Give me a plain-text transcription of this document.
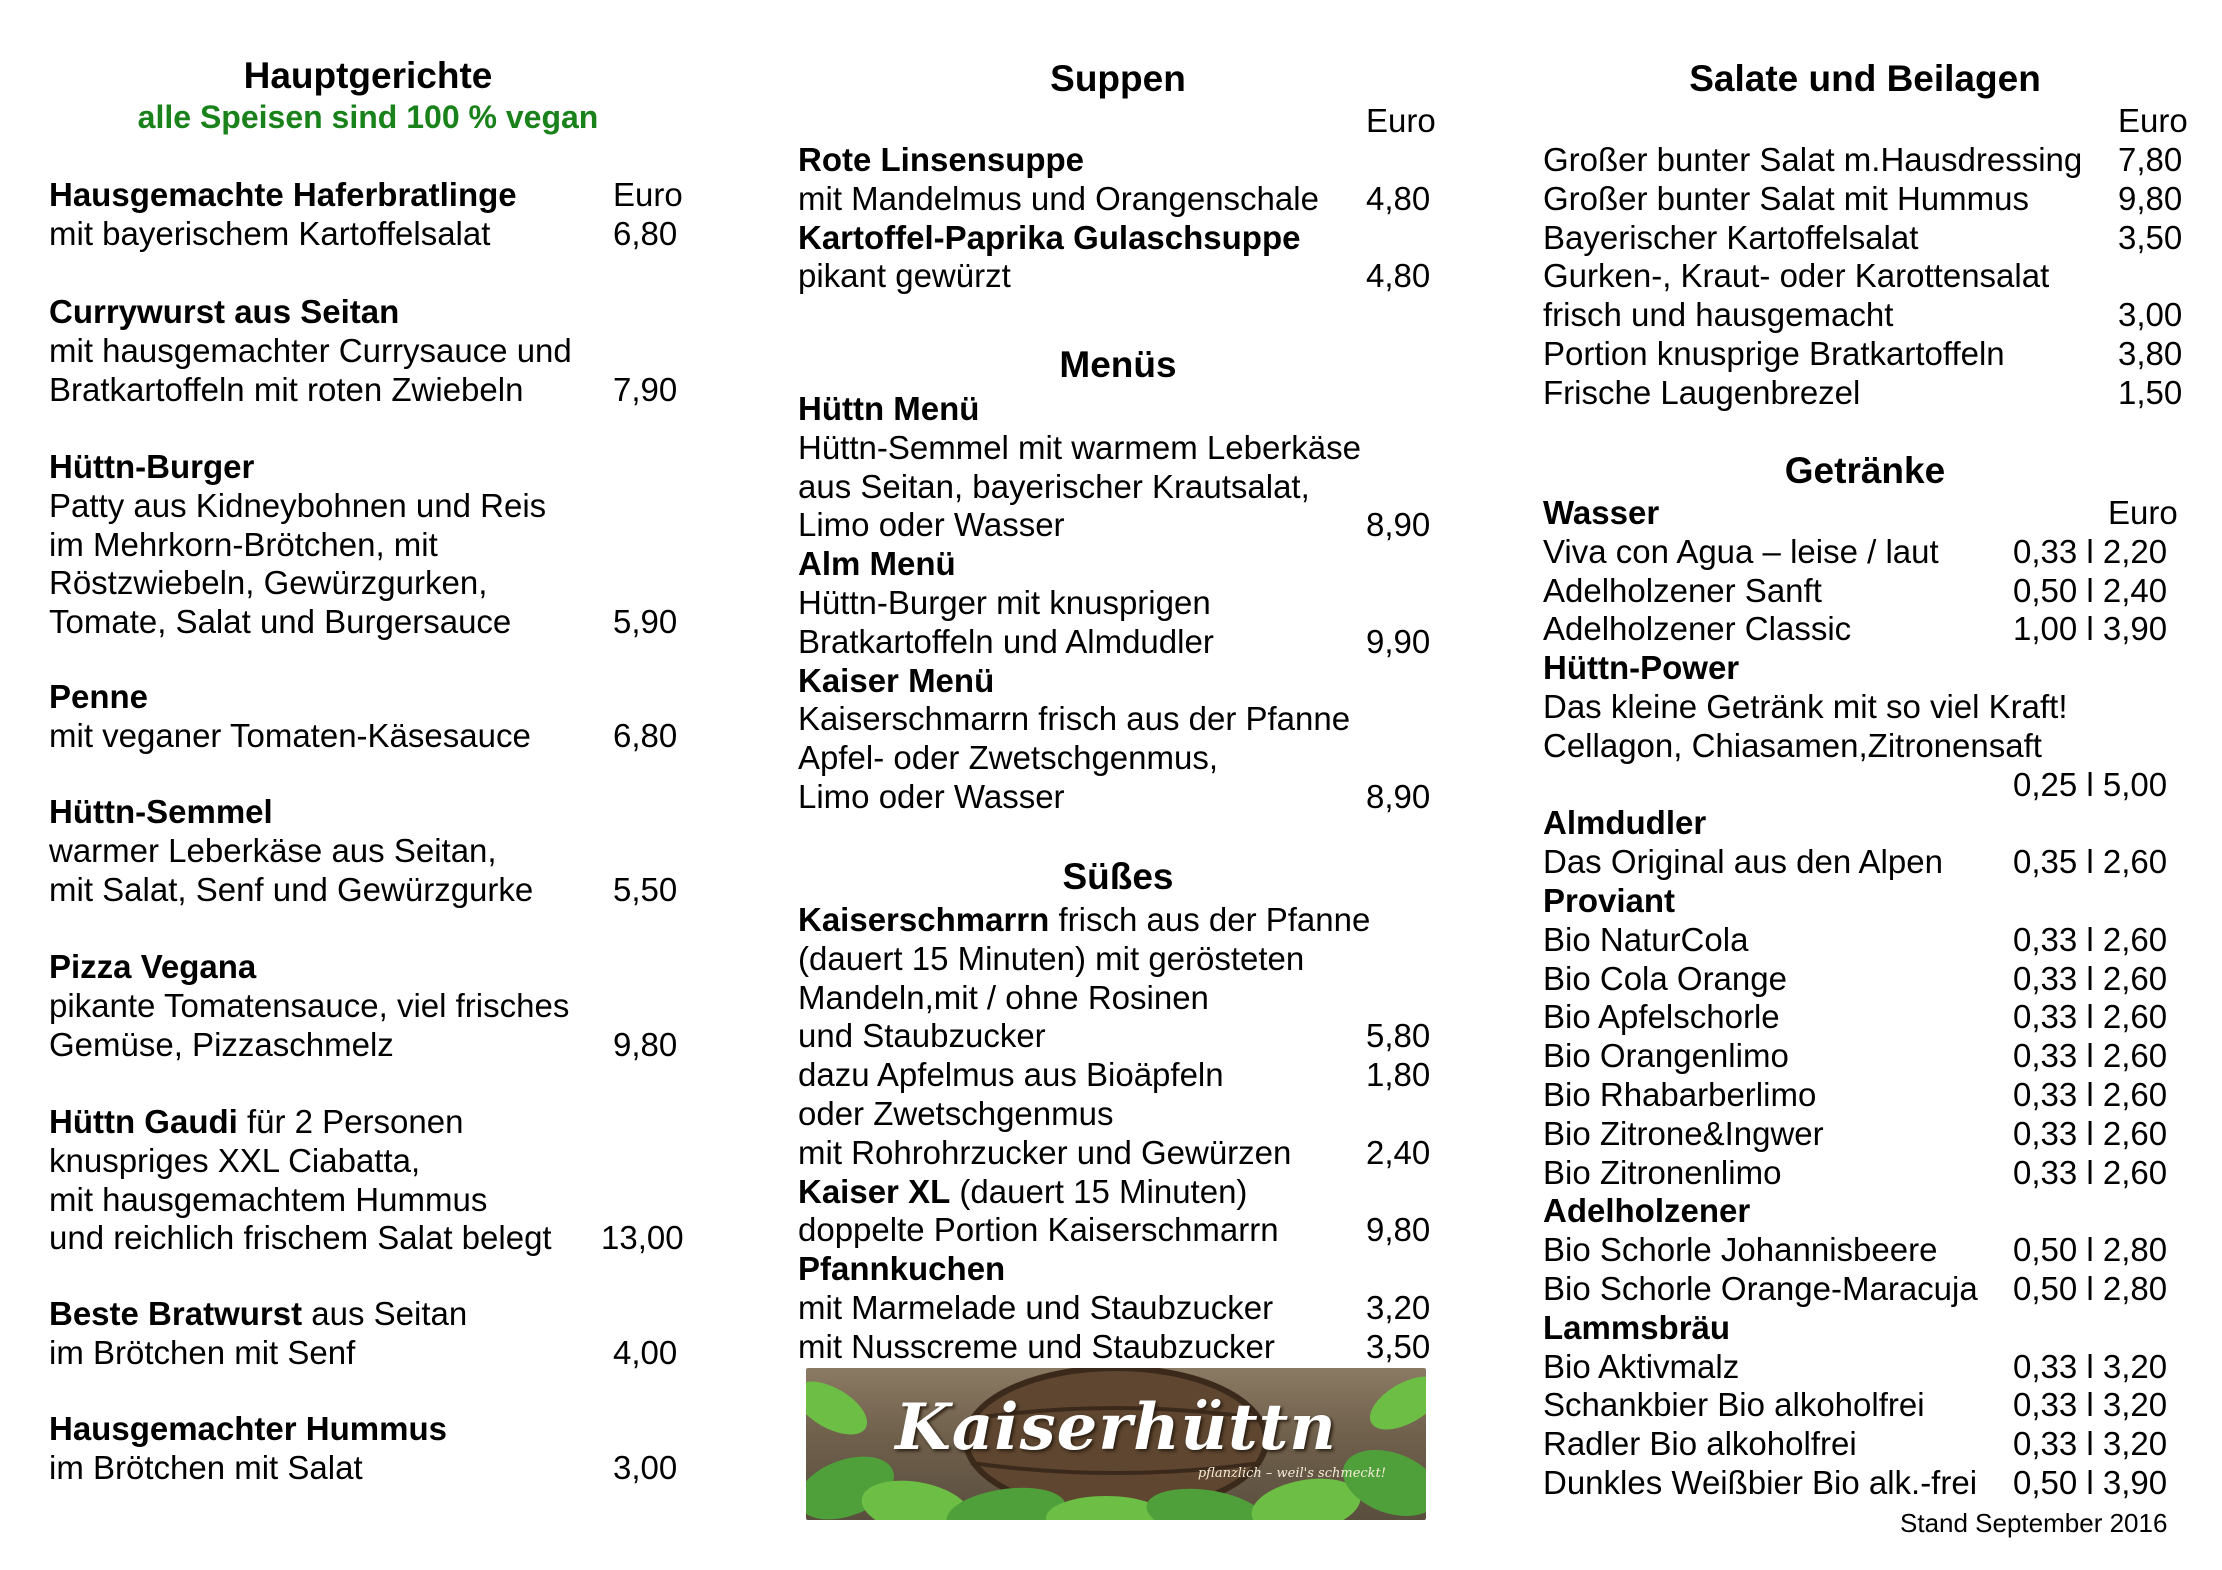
Hauptgerichte
alle Speisen sind 100 % vegan
Euro
Hausgemachte Haferbratlinge
mit bayerischem Kartoffelsalat	6,80
Currywurst aus Seitan
mit hausgemachter Currysauce und
Bratkartoffeln mit roten Zwiebeln	7,90
Hüttn-Burger
Patty aus Kidneybohnen und Reis
im Mehrkorn-Brötchen, mit
Röstzwiebeln, Gewürzgurken,
Tomate, Salat und Burgersauce	5,90
Penne
mit veganer Tomaten-Käsesauce 6,80
Hüttn-Semmel
warmer Leberkäse aus Seitan,
mit Salat, Senf und Gewürzgurke 5,50
Pizza Vegana
pikante Tomatensauce, viel frisches
Gemüse, Pizzaschmelz	9,80
Hüttn Gaudi für 2 Personen
knuspriges XXL Ciabatta,
mit hausgemachtem Hummus
und reichlich frischem Salat belegt 13,00
Beste Bratwurst aus Seitan
im Brötchen mit Senf	4,00
Hausgemachter Hummus
im Brötchen mit Salat	3,00
Suppen
Euro
Rote Linsensuppe
mit Mandelmus und Orangenschale 4,80
Kartoffel-Paprika Gulaschsuppe
pikant gewürzt	4,80
Menüs
Hüttn Menü
Hüttn-Semmel mit warmem Leberkäse
aus Seitan, bayerischer Krautsalat,
Limo oder Wasser	8,90
Alm Menü
Hüttn-Burger mit knusprigen
Bratkartoffeln und Almdudler	9,90
Kaiser Menü
Kaiserschmarrn frisch aus der Pfanne
Apfel- oder Zwetschgenmus,
Limo oder Wasser	8,90
Süßes
Kaiserschmarrn frisch aus der Pfanne
(dauert 15 Minuten) mit gerösteten
Mandeln,mit / ohne Rosinen
und Staubzucker	5,80
dazu Apfelmus aus Bioäpfeln	1,80
oder Zwetschgenmus
mit Rohrohrzucker und Gewürzen 2,40
Kaiser XL (dauert 15 Minuten)
doppelte Portion Kaiserschmarrn	9,80
Pfannkuchen
mit Marmelade und Staubzucker	3,20
mit Nusscreme und Staubzucker	3,50
Salate und Beilagen
Euro
Großer bunter Salat m.Hausdressing 7,80
Großer bunter Salat mit Hummus	9,80
Bayerischer Kartoffelsalat	3,50
Gurken-, Kraut- oder Karottensalat
frisch und hausgemacht	3,00
Portion knusprige Bratkartoffeln	3,80
Frische Laugenbrezel	1,50
Getränke
Euro
Wasser
Viva con Agua – leise / laut 0,33 l 2,20
Adelholzener Sanft	0,50 l 2,40
Adelholzener Classic	1,00 l 3,90
Hüttn-Power
Das kleine Getränk mit so viel Kraft!
Cellagon, Chiasamen,Zitronensaft
0,25 l 5,00
Almdudler
Das Original aus den Alpen 0,35 l 2,60
Proviant
Bio NaturCola	0,33 l 2,60
Bio Cola Orange	0,33 l 2,60
Bio Apfelschorle	0,33 l 2,60
Bio Orangenlimo	0,33 l 2,60
Bio Rhabarberlimo	0,33 l 2,60
Bio Zitrone&Ingwer	0,33 l 2,60
Bio Zitronenlimo	0,33 l 2,60
Adelholzener
Bio Schorle Johannisbeere 0,50 l 2,80
Bio Schorle Orange-Maracuja 0,50 l 2,80
Lammsbräu
Bio Aktivmalz	0,33 l 3,20
Schankbier Bio alkoholfrei	0,33 l 3,20
Radler Bio alkoholfrei	0,33 l 3,20
Dunkles Weißbier Bio alk.-frei 0,50 l 3,90
Kaiserhüttn
pflanzlich – weil's schmeckt!
Stand September 2016
